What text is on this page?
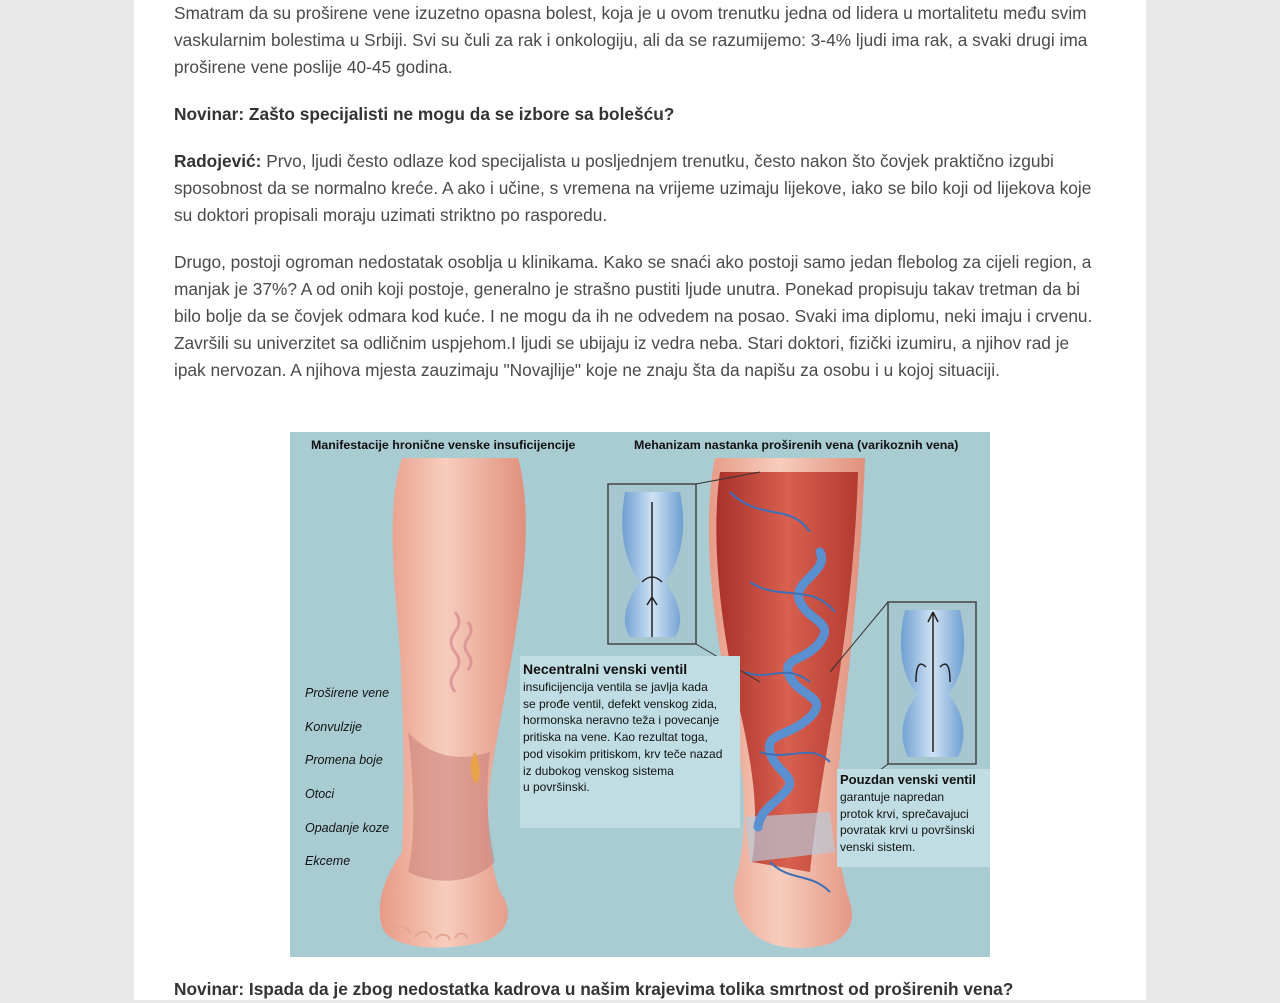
Smatram da su proširene vene izuzetno opasna bolest, koja je u ovom trenutku jedna od lidera u mortalitetu među svim vaskularnim bolestima u Srbiji. Svi su čuli za rak i onkologiju, ali da se razumijemo: 3-4% ljudi ima rak, a svaki drugi ima proširene vene poslije 40-45 godina.

Novinar: Zašto specijalisti ne mogu da se izbore sa bolešću?

Radojević: Prvo, ljudi često odlaze kod specijalista u posljednjem trenutku, često nakon što čovjek praktično izgubi sposobnost da se normalno kreće. A ako i učine, s vremena na vrijeme uzimaju lijekove, iako se bilo koji od lijekova koje su doktori propisali moraju uzimati striktno po rasporedu.

Drugo, postoji ogroman nedostatak osoblja u klinikama. Kako se snaći ako postoji samo jedan flebolog za cijeli region, a manjak je 37%? A od onih koji postoje, generalno je strašno pustiti ljude unutra. Ponekad propisuju takav tretman da bi bilo bolje da se čovjek odmara kod kuće. I ne mogu da ih ne odvedem na posao. Svaki ima diplomu, neki imaju i crvenu. Završili su univerzitet sa odličnim uspjehom.I ljudi se ubijaju iz vedra neba. Stari doktori, fizički izumiru, a njihov rad je ipak nervozan. A njihova mjesta zauzimaju "Novajlije" koje ne znaju šta da napišu za osobu i u kojoj situaciji.

Novinar: Ispada da je zbog nedostatka kadrova u našim krajevima tolika smrtnost od proširenih vena?

Manifestacije hronične venske insuficijencije	Mehanizam nastanka proširenih vena (varikoznih vena)
Proširene vene
Konvulzije
Promena boje
Otoci
Opadanje koze
Ekceme
Necentralni venski ventil
insuficijencija ventila se javlja kada
se prođe ventil, defekt venskog zida,
hormonska neravno teža i povecanje
pritiska na vene. Kao rezultat toga,
pod visokim pritiskom, krv teče nazad
iz dubokog venskog sistema
u površinski.
Pouzdan venski ventil
garantuje napredan
protok krvi, sprečavajuci
povratak krvi u površinski
venski sistem.
